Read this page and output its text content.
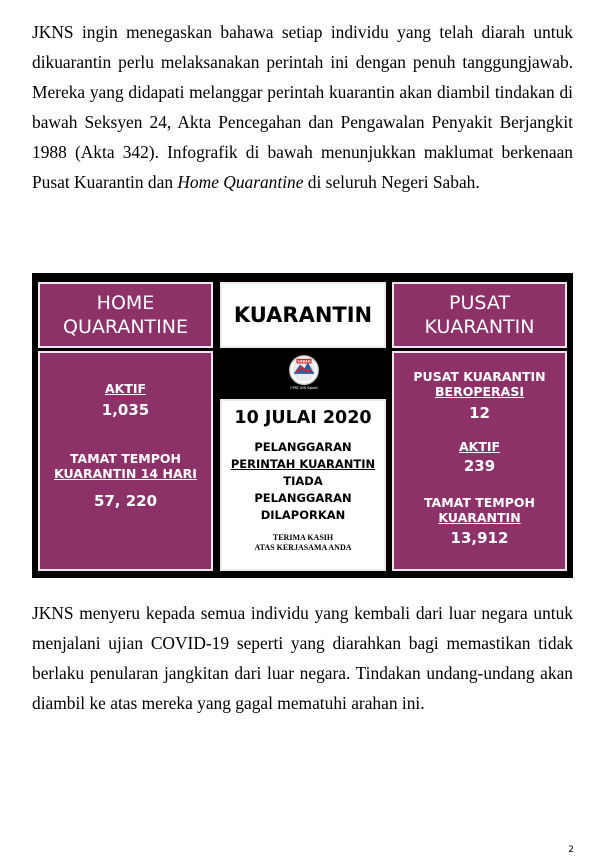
JKNS ingin menegaskan bahawa setiap individu yang telah diarah untuk dikuarantin perlu melaksanakan perintah ini dengan penuh tanggungjawab. Mereka yang didapati melanggar perintah kuarantin akan diambil tindakan di bawah Seksyen 24, Akta Pencegahan dan Pengawalan Penyakit Berjangkit 1988 (Akta 342). Infografik di bawah menunjukkan maklumat berkenaan Pusat Kuarantin dan Home Quarantine di seluruh Negeri Sabah.
HOME
QUARANTINE KUARANTIN	PUSAT
KUARANTIN
AKTIF
1,035
TAMAT TEMPOH
KUARANTIN 14 HARI
57, 220
SABAH
CPRC JKN Sabah
10 JULAI 2020
PELANGGARAN
PERINTAH KUARANTIN
TIADA
PELANGGARAN
DILAPORKAN
TERIMA KASIH
ATAS KERJASAMA ANDA
PUSAT KUARANTIN
BEROPERASI
12
AKTIF
239
TAMAT TEMPOH
KUARANTIN
13,912
JKNS menyeru kepada semua individu yang kembali dari luar negara untuk menjalani ujian COVID-19 seperti yang diarahkan bagi memastikan tidak berlaku penularan jangkitan dari luar negara. Tindakan undang-undang akan diambil ke atas mereka yang gagal mematuhi arahan ini.
2
